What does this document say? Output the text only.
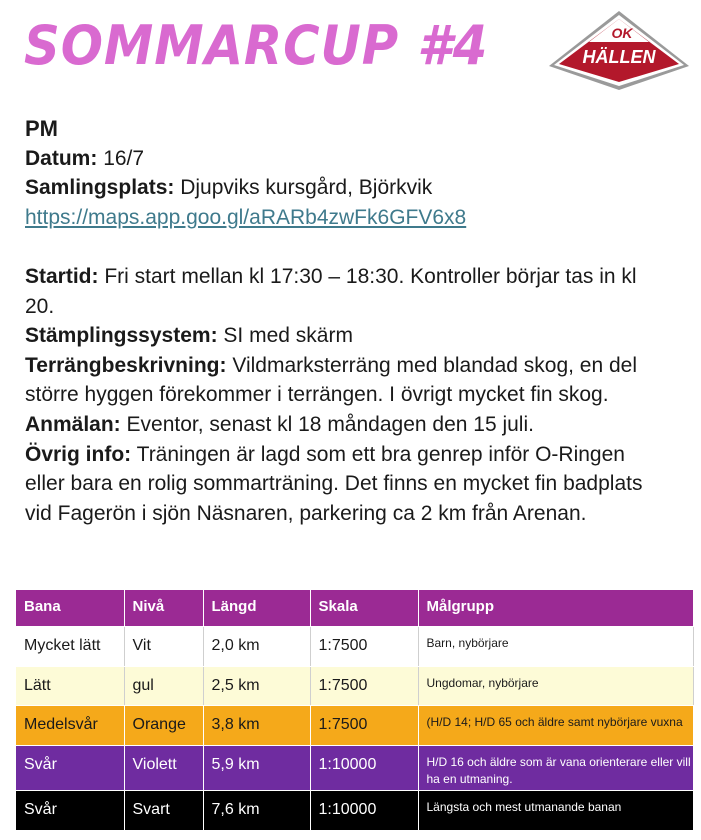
SOMMARCUP #4	OK
HÄLLEN

PM

Datum: 16/7

Samlingsplats: Djupviks kursgård, Björkvik

https://maps.app.goo.gl/aRARb4zwFk6GFV6x8

Startid: Fri start mellan kl 17:30 – 18:30. Kontroller börjar tas in kl 20.

Stämplingssystem: SI med skärm

Terrängbeskrivning: Vildmarksterräng med blandad skog, en del större hyggen förekommer i terrängen. I övrigt mycket fin skog.

Anmälan: Eventor, senast kl 18 måndagen den 15 juli.

Övrig info: Träningen är lagd som ett bra genrep inför O-Ringen eller bara en rolig sommarträning. Det finns en mycket fin badplats vid Fagerön i sjön Näsnaren, parkering ca 2 km från Arenan.

Bana	Nivå	Längd	Skala	Målgrupp
Mycket lätt	Vit	2,0 km	1:7500	Barn, nybörjare
Lätt	gul	2,5 km	1:7500	Ungdomar, nybörjare
Medelsvår	Orange	3,8 km	1:7500	(H/D 14; H/D 65 och äldre samt nybörjare vuxna
Svår	Violett	5,9 km	1:10000	H/D 16 och äldre som är vana orienterare eller vill ha en utmaning.
Svår	Svart	7,6 km	1:10000	Längsta och mest utmanande banan
